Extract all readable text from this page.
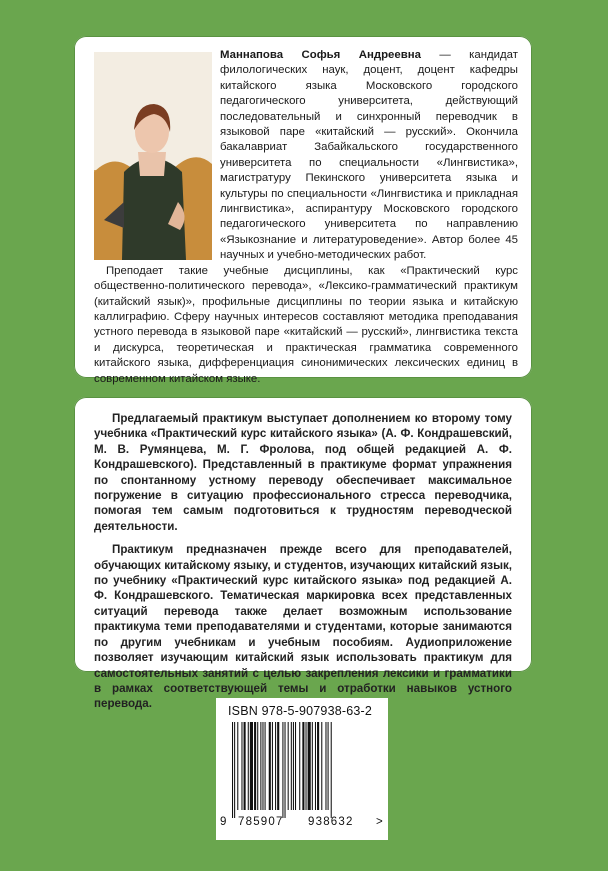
Маннапова Софья Андреевна — кандидат филологических наук, доцент, доцент кафедры китайского языка Московского городского педагогического университета, действующий последовательный и синхронный переводчик в языковой паре «китайский — русский». Окончила бакалавриат Забайкальского государственного университета по специальности «Лингвистика», магистратуру Пекинского университета языка и культуры по специальности «Лингвистика и прикладная лингвистика», аспирантуру Московского городского педагогического университета по направлению «Языкознание и литературоведение». Автор более 45 научных и учебно-методических работ.

Преподает такие учебные дисциплины, как «Практический курс общественно-политического перевода», «Лексико-грамматический практикум (китайский язык)», профильные дисциплины по теории языка и китайскую каллиграфию. Сферу научных интересов составляют методика преподавания устного перевода в языковой паре «китайский — русский», лингвистика текста и дискурса, теоретическая и практическая грамматика современного китайского языка, дифференциация синонимических лексических единиц в современном китайском языке.

Предлагаемый практикум выступает дополнением ко второму тому учебника «Практический курс китайского языка» (А. Ф. Кондрашевский, М. В. Румянцева, М. Г. Фролова, под общей редакцией А. Ф. Кондрашевского). Представленный в практикуме формат упражнения по спонтанному устному переводу обеспечивает максимальное погружение в ситуацию профессионального стресса переводчика, помогая тем самым подготовиться к трудностям переводческой деятельности.

Практикум предназначен прежде всего для преподавателей, обучающих китайскому языку, и студентов, изучающих китайский язык, по учебнику «Практический курс китайского языка» под редакцией А. Ф. Кондрашевского. Тематическая маркировка всех представленных ситуаций перевода также делает возможным использование практикума теми преподавателями и студентами, которые занимаются по другим учебникам и учебным пособиям. Аудиоприложение позволяет изучающим китайский язык использовать практикум для самостоятельных занятий с целью закрепления лексики и грамматики в рамках соответствующей темы и отработки навыков устного перевода.

ISBN 978-5-907938-63-2
9 785907 938632 >
